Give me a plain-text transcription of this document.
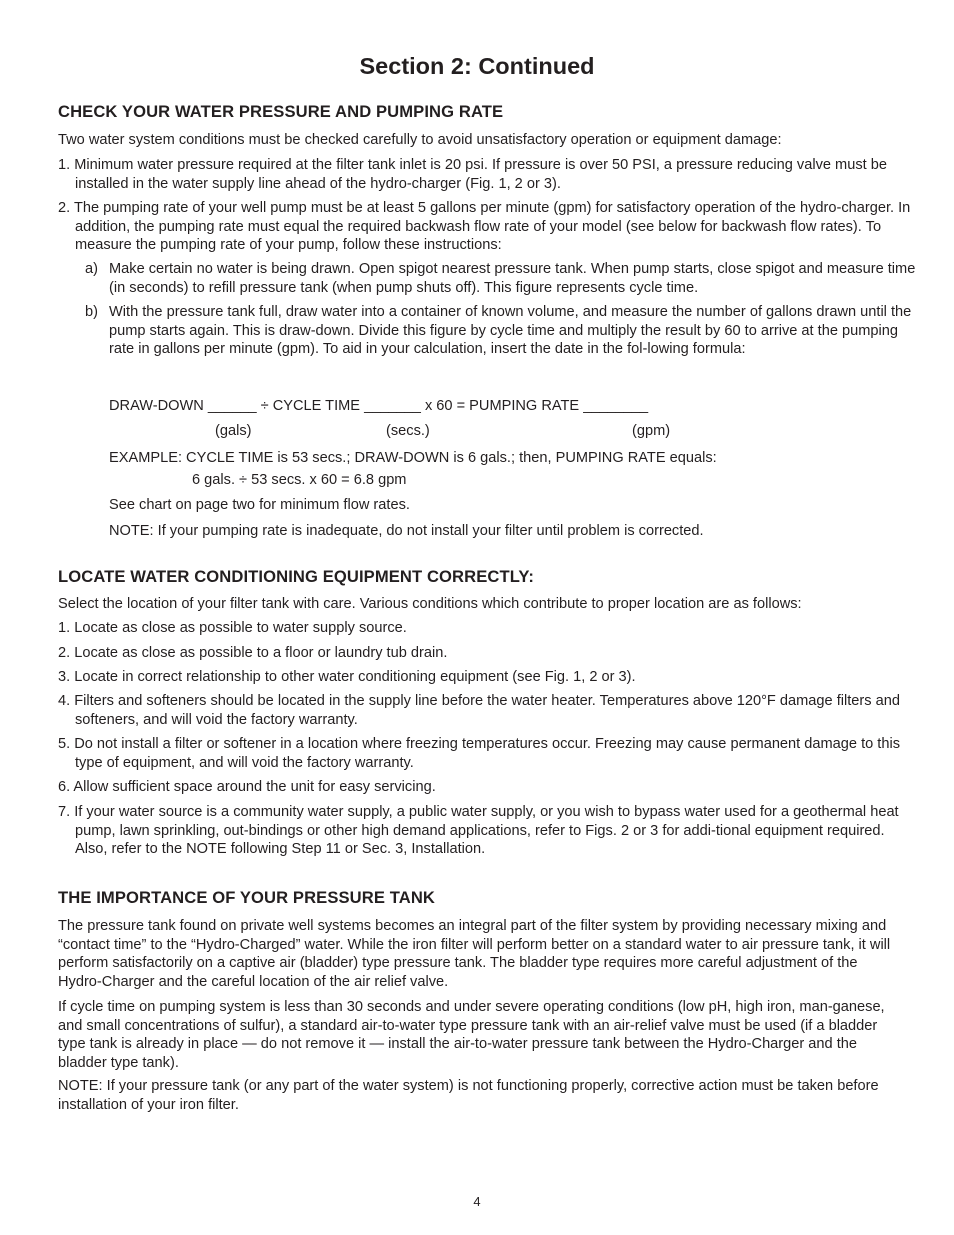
Section 2: Continued
CHECK YOUR WATER PRESSURE AND PUMPING RATE

Two water system conditions must be checked carefully to avoid unsatisfactory operation or equipment damage:

1. Minimum water pressure required at the filter tank inlet is 20 psi. If pressure is over 50 PSI, a pressure reducing valve must be installed in the water supply line ahead of the hydro-charger (Fig. 1, 2 or 3).

2. The pumping rate of your well pump must be at least 5 gallons per minute (gpm) for satisfactory operation of the hydro-charger. In addition, the pumping rate must equal the required backwash flow rate of your model (see below for backwash flow rates). To measure the pumping rate of your pump, follow these instructions:

a) Make certain no water is being drawn. Open spigot nearest pressure tank. When pump starts, close spigot and measure time (in seconds) to refill pressure tank (when pump shuts off). This figure represents cycle time.
b) With the pressure tank full, draw water into a container of known volume, and measure the number of gallons drawn until the pump starts again. This is draw-down. Divide this figure by cycle time and multiply the result by 60 to arrive at the pumping rate in gallons per minute (gpm). To aid in your calculation, insert the date in the fol-lowing formula:

DRAW-DOWN ______ ÷ CYCLE TIME _______ x 60 = PUMPING RATE ________

(gals)	(secs.)	(gpm)

EXAMPLE: CYCLE TIME is 53 secs.; DRAW-DOWN is 6 gals.; then, PUMPING RATE equals:

6 gals. ÷ 53 secs. x 60 = 6.8 gpm

See chart on page two for minimum flow rates.

NOTE: If your pumping rate is inadequate, do not install your filter until problem is corrected.

LOCATE WATER CONDITIONING EQUIPMENT CORRECTLY:

Select the location of your filter tank with care. Various conditions which contribute to proper location are as follows:

1. Locate as close as possible to water supply source.

2. Locate as close as possible to a floor or laundry tub drain.

3. Locate in correct relationship to other water conditioning equipment (see Fig. 1, 2 or 3).

4. Filters and softeners should be located in the supply line before the water heater. Temperatures above 120°F damage filters and softeners, and will void the factory warranty.

5. Do not install a filter or softener in a location where freezing temperatures occur. Freezing may cause permanent damage to this type of equipment, and will void the factory warranty.

6. Allow sufficient space around the unit for easy servicing.

7. If your water source is a community water supply, a public water supply, or you wish to bypass water used for a geothermal heat pump, lawn sprinkling, out-bindings or other high demand applications, refer to Figs. 2 or 3 for addi-tional equipment required. Also, refer to the NOTE following Step 11 or Sec. 3, Installation.

THE IMPORTANCE OF YOUR PRESSURE TANK

The pressure tank found on private well systems becomes an integral part of the filter system by providing necessary mixing and “contact time” to the “Hydro-Charged” water. While the iron filter will perform better on a standard water to air pressure tank, it will perform satisfactorily on a captive air (bladder) type pressure tank. The bladder type requires more careful adjustment of the Hydro-Charger and the careful location of the air relief valve.

If cycle time on pumping system is less than 30 seconds and under severe operating conditions (low pH, high iron, man-ganese, and small concentrations of sulfur), a standard air-to-water type pressure tank with an air-relief valve must be used (if a bladder type tank is already in place — do not remove it — install the air-to-water pressure tank between the Hydro-Charger and the bladder type tank).

NOTE: If your pressure tank (or any part of the water system) is not functioning properly, corrective action must be taken before installation of your iron filter.

4
